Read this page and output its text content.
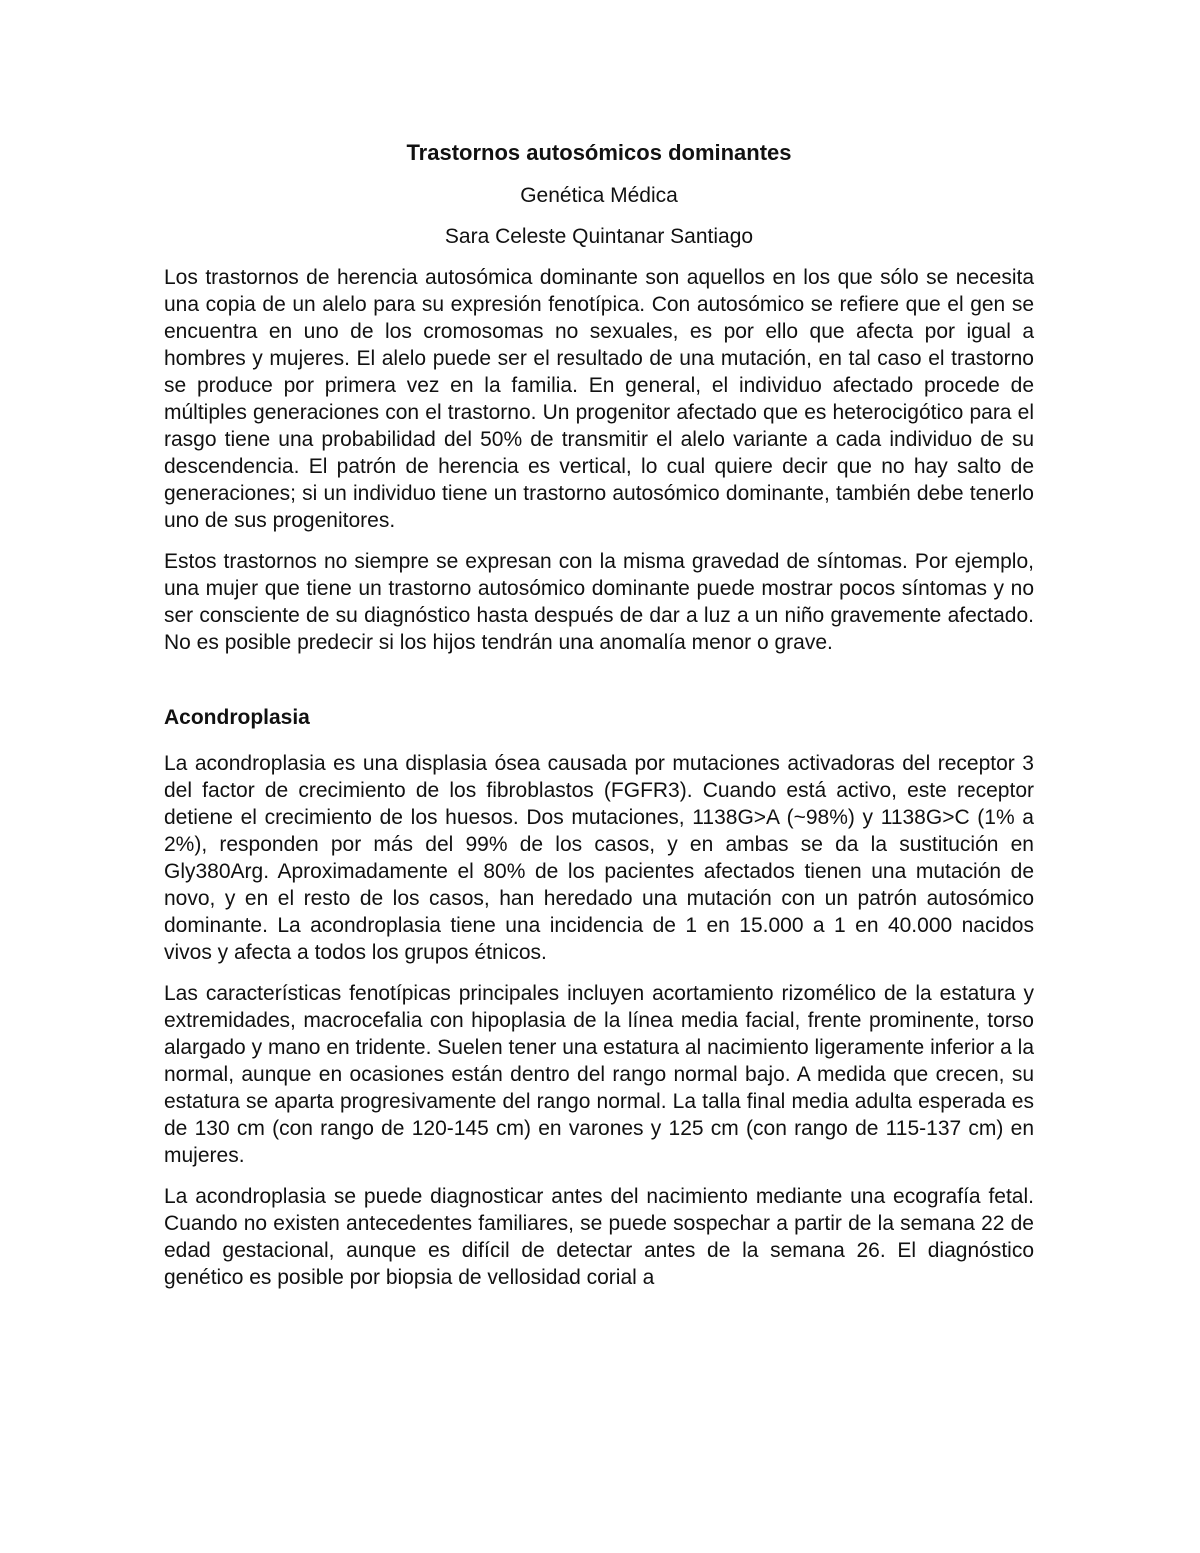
Trastornos autosómicos dominantes
Genética Médica
Sara Celeste Quintanar Santiago

Los trastornos de herencia autosómica dominante son aquellos en los que sólo se necesita una copia de un alelo para su expresión fenotípica. Con autosómico se refiere que el gen se encuentra en uno de los cromosomas no sexuales, es por ello que afecta por igual a hombres y mujeres. El alelo puede ser el resultado de una mutación, en tal caso el trastorno se produce por primera vez en la familia. En general, el individuo afectado procede de múltiples generaciones con el trastorno. Un progenitor afectado que es heterocigótico para el rasgo tiene una probabilidad del 50% de transmitir el alelo variante a cada individuo de su descendencia. El patrón de herencia es vertical, lo cual quiere decir que no hay salto de generaciones; si un individuo tiene un trastorno autosómico dominante, también debe tenerlo uno de sus progenitores.

Estos trastornos no siempre se expresan con la misma gravedad de síntomas. Por ejemplo, una mujer que tiene un trastorno autosómico dominante puede mostrar pocos síntomas y no ser consciente de su diagnóstico hasta después de dar a luz a un niño gravemente afectado. No es posible predecir si los hijos tendrán una anomalía menor o grave.

Acondroplasia

La acondroplasia es una displasia ósea causada por mutaciones activadoras del receptor 3 del factor de crecimiento de los fibroblastos (FGFR3). Cuando está activo, este receptor detiene el crecimiento de los huesos. Dos mutaciones, 1138G>A (~98%) y 1138G>C (1% a 2%), responden por más del 99% de los casos, y en ambas se da la sustitución en Gly380Arg. Aproximadamente el 80% de los pacientes afectados tienen una mutación de novo, y en el resto de los casos, han heredado una mutación con un patrón autosómico dominante. La acondroplasia tiene una incidencia de 1 en 15.000 a 1 en 40.000 nacidos vivos y afecta a todos los grupos étnicos.

Las características fenotípicas principales incluyen acortamiento rizomélico de la estatura y extremidades, macrocefalia con hipoplasia de la línea media facial, frente prominente, torso alargado y mano en tridente. Suelen tener una estatura al nacimiento ligeramente inferior a la normal, aunque en ocasiones están dentro del rango normal bajo. A medida que crecen, su estatura se aparta progresivamente del rango normal. La talla final media adulta esperada es de 130 cm (con rango de 120-145 cm) en varones y 125 cm (con rango de 115-137 cm) en mujeres.

La acondroplasia se puede diagnosticar antes del nacimiento mediante una ecografía fetal. Cuando no existen antecedentes familiares, se puede sospechar a partir de la semana 22 de edad gestacional, aunque es difícil de detectar antes de la semana 26. El diagnóstico genético es posible por biopsia de vellosidad corial a
